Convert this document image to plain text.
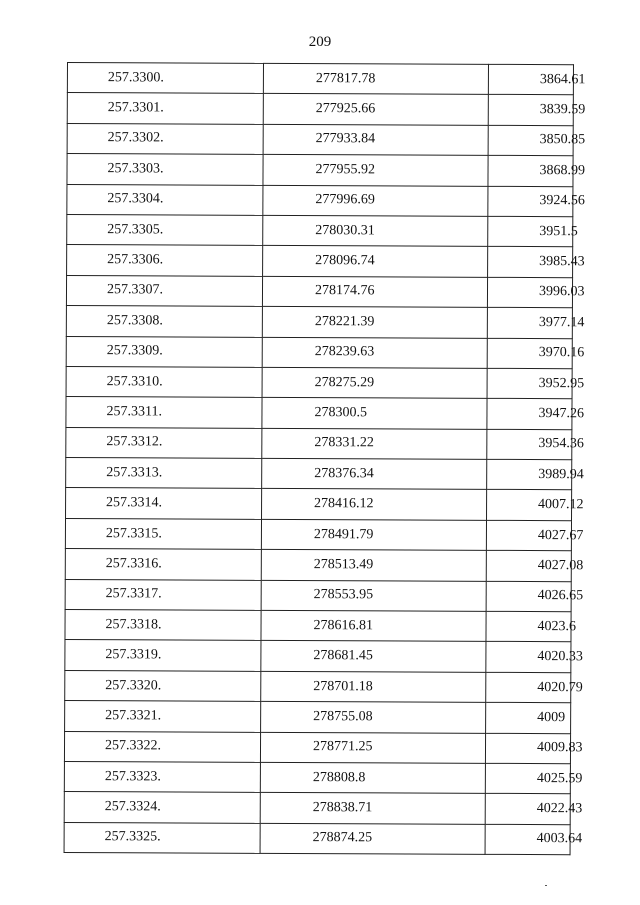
209
257.3300.	277817.78	3864.61
257.3301.	277925.66	3839.59
257.3302.	277933.84	3850.85
257.3303.	277955.92	3868.99
257.3304.	277996.69	3924.56
257.3305.	278030.31	3951.5
257.3306.	278096.74	3985.43
257.3307.	278174.76	3996.03
257.3308.	278221.39	3977.14
257.3309.	278239.63	3970.16
257.3310.	278275.29	3952.95
257.3311.	278300.5	3947.26
257.3312.	278331.22	3954.36
257.3313.	278376.34	3989.94
257.3314.	278416.12	4007.12
257.3315.	278491.79	4027.67
257.3316.	278513.49	4027.08
257.3317.	278553.95	4026.65
257.3318.	278616.81	4023.6
257.3319.	278681.45	4020.33
257.3320.	278701.18	4020.79
257.3321.	278755.08	4009
257.3322.	278771.25	4009.83
257.3323.	278808.8	4025.59
257.3324.	278838.71	4022.43
257.3325.	278874.25	4003.64
